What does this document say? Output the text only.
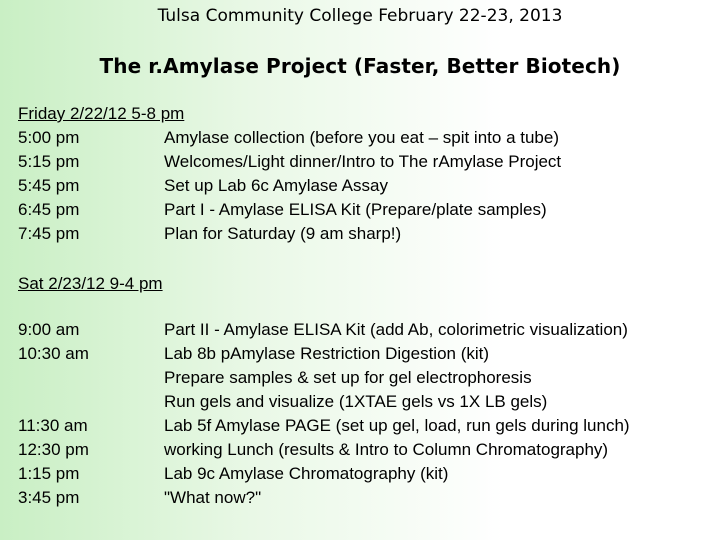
Tulsa Community College February 22-23, 2013
The r.Amylase Project (Faster, Better Biotech)
Friday 2/22/12 5-8 pm
5:00 pm	Amylase collection (before you eat – spit into a tube)
5:15 pm	Welcomes/Light dinner/Intro to The rAmylase Project
5:45 pm	Set up Lab 6c Amylase Assay
6:45 pm	Part I - Amylase ELISA Kit (Prepare/plate samples)
7:45 pm	Plan for Saturday (9 am sharp!)
Sat 2/23/12 9-4 pm
9:00 am	Part II - Amylase ELISA Kit (add Ab, colorimetric visualization)
10:30 am	Lab 8b pAmylase Restriction Digestion (kit)
Prepare samples & set up for gel electrophoresis
Run gels and visualize (1XTAE gels vs 1X LB gels)
11:30 am	Lab 5f Amylase PAGE (set up gel, load, run gels during lunch)
12:30 pm	working Lunch (results & Intro to Column Chromatography)
1:15 pm	Lab 9c Amylase Chromatography (kit)
3:45 pm	"What now?"
